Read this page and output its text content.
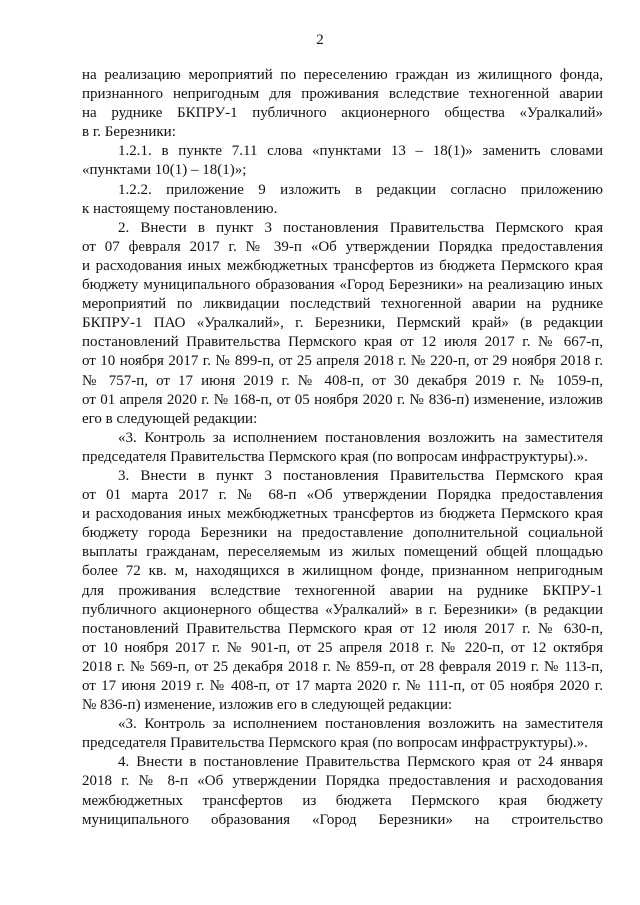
2
на реализацию мероприятий по переселению граждан из жилищного фонда,
признанного непригодным для проживания вследствие техногенной аварии
на руднике БКПРУ-1 публичного акционерного общества «Уралкалий»
в г. Березники:
1.2.1. в пункте 7.11 слова «пунктами 13 – 18(1)» заменить словами
«пунктами 10(1) – 18(1)»;
1.2.2. приложение 9 изложить в редакции согласно приложению
к настоящему постановлению.
2. Внести в пункт 3 постановления Правительства Пермского края
от 07 февраля 2017 г. № 39-п «Об утверждении Порядка предоставления
и расходования иных межбюджетных трансфертов из бюджета Пермского края
бюджету муниципального образования «Город Березники» на реализацию иных
мероприятий по ликвидации последствий техногенной аварии на руднике
БКПРУ-1 ПАО «Уралкалий», г. Березники, Пермский край» (в редакции
постановлений Правительства Пермского края от 12 июля 2017 г. № 667-п,
от 10 ноября 2017 г. № 899-п, от 25 апреля 2018 г. № 220-п, от 29 ноября 2018 г.
№ 757-п, от 17 июня 2019 г. № 408-п, от 30 декабря 2019 г. № 1059-п,
от 01 апреля 2020 г. № 168-п, от 05 ноября 2020 г. № 836-п) изменение, изложив
его в следующей редакции:
«3. Контроль за исполнением постановления возложить на заместителя
председателя Правительства Пермского края (по вопросам инфраструктуры).».
3. Внести в пункт 3 постановления Правительства Пермского края
от 01 марта 2017 г. № 68-п «Об утверждении Порядка предоставления
и расходования иных межбюджетных трансфертов из бюджета Пермского края
бюджету города Березники на предоставление дополнительной социальной
выплаты гражданам, переселяемым из жилых помещений общей площадью
более 72 кв. м, находящихся в жилищном фонде, признанном непригодным
для проживания вследствие техногенной аварии на руднике БКПРУ-1
публичного акционерного общества «Уралкалий» в г. Березники» (в редакции
постановлений Правительства Пермского края от 12 июля 2017 г. № 630-п,
от 10 ноября 2017 г. № 901-п, от 25 апреля 2018 г. № 220-п, от 12 октября
2018 г. № 569-п, от 25 декабря 2018 г. № 859-п, от 28 февраля 2019 г. № 113-п,
от 17 июня 2019 г. № 408-п, от 17 марта 2020 г. № 111-п, от 05 ноября 2020 г.
№ 836-п) изменение, изложив его в следующей редакции:
«3. Контроль за исполнением постановления возложить на заместителя
председателя Правительства Пермского края (по вопросам инфраструктуры).».
4. Внести в постановление Правительства Пермского края от 24 января
2018 г. № 8-п «Об утверждении Порядка предоставления и расходования
межбюджетных трансфертов из бюджета Пермского края бюджету
муниципального образования «Город Березники» на строительство
